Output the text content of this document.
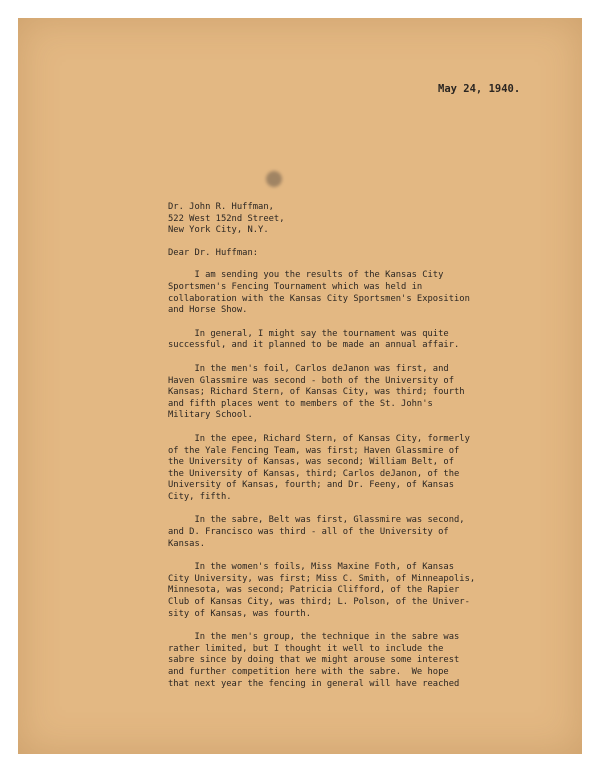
May 24, 1940.
Dr. John R. Huffman,
522 West 152nd Street,
New York City, N.Y.
Dear Dr. Huffman:
I am sending you the results of the Kansas City
Sportsmen's Fencing Tournament which was held in
collaboration with the Kansas City Sportsmen's Exposition
and Horse Show.
In general, I might say the tournament was quite
successful, and it planned to be made an annual affair.
In the men's foil, Carlos deJanon was first, and
Haven Glassmire was second - both of the University of
Kansas; Richard Stern, of Kansas City, was third; fourth
and fifth places went to members of the St. John's
Military School.
In the epee, Richard Stern, of Kansas City, formerly
of the Yale Fencing Team, was first; Haven Glassmire of
the University of Kansas, was second; William Belt, of
the University of Kansas, third; Carlos deJanon, of the
University of Kansas, fourth; and Dr. Feeny, of Kansas
City, fifth.
In the sabre, Belt was first, Glassmire was second,
and D. Francisco was third - all of the University of
Kansas.
In the women's foils, Miss Maxine Foth, of Kansas
City University, was first; Miss C. Smith, of Minneapolis,
Minnesota, was second; Patricia Clifford, of the Rapier
Club of Kansas City, was third; L. Polson, of the Univer-
sity of Kansas, was fourth.
In the men's group, the technique in the sabre was
rather limited, but I thought it well to include the
sabre since by doing that we might arouse some interest
and further competition here with the sabre.  We hope
that next year the fencing in general will have reached
